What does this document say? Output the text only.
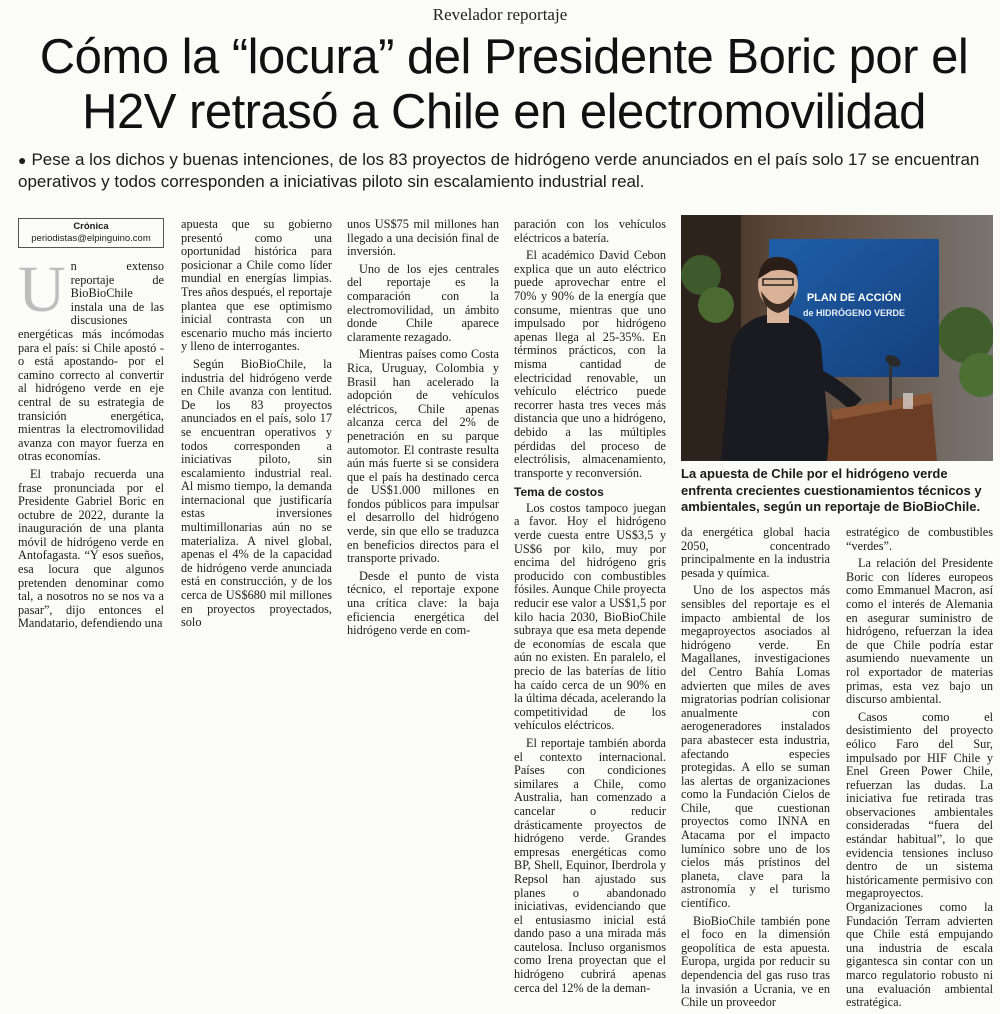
Revelador reportaje
Cómo la “locura” del Presidente Boric por el H2V retrasó a Chile en electromovilidad
● Pese a los dichos y buenas intenciones, de los 83 proyectos de hidrógeno verde anunciados en el país solo 17 se encuentran operativos y todos corresponden a iniciativas piloto sin escalamiento industrial real.
Crónica
periodistas@elpinguino.com

Un extenso reportaje de BioBioChile instala una de las discusiones energéticas más incómodas para el país: si Chile apostó -o está apostando- por el camino correcto al convertir al hidrógeno verde en eje central de su estrategia de transición energética, mientras la electromovilidad avanza con mayor fuerza en otras economías.

El trabajo recuerda una frase pronunciada por el Presidente Gabriel Boric en octubre de 2022, durante la inauguración de una planta móvil de hidrógeno verde en Antofagasta. “Y esos sueños, esa locura que algunos pretenden denominar como tal, a nosotros no se nos va a pasar”, dijo entonces el Mandatario, defendiendo una

apuesta que su gobierno presentó como una oportunidad histórica para posicionar a Chile como líder mundial en energías limpias. Tres años después, el reportaje plantea que ese optimismo inicial contrasta con un escenario mucho más incierto y lleno de interrogantes.

Según BioBioChile, la industria del hidrógeno verde en Chile avanza con lentitud. De los 83 proyectos anunciados en el país, solo 17 se encuentran operativos y todos corresponden a iniciativas piloto, sin escalamiento industrial real. Al mismo tiempo, la demanda internacional que justificaría estas inversiones multimillonarias aún no se materializa. A nivel global, apenas el 4% de la capacidad de hidrógeno verde anunciada está en construcción, y de los cerca de US$680 mil millones en proyectos proyectados, solo

unos US$75 mil millones han llegado a una decisión final de inversión.

Uno de los ejes centrales del reportaje es la comparación con la electromovilidad, un ámbito donde Chile aparece claramente rezagado.

Mientras países como Costa Rica, Uruguay, Colombia y Brasil han acelerado la adopción de vehículos eléctricos, Chile apenas alcanza cerca del 2% de penetración en su parque automotor. El contraste resulta aún más fuerte si se considera que el país ha destinado cerca de US$1.000 millones en fondos públicos para impulsar el desarrollo del hidrógeno verde, sin que ello se traduzca en beneficios directos para el transporte privado.

Desde el punto de vista técnico, el reportaje expone una crítica clave: la baja eficiencia energética del hidrógeno verde en com-

paración con los vehículos eléctricos a batería.

El académico David Cebon explica que un auto eléctrico puede aprovechar entre el 70% y 90% de la energía que consume, mientras que uno impulsado por hidrógeno apenas llega al 25-35%. En términos prácticos, con la misma cantidad de electricidad renovable, un vehículo eléctrico puede recorrer hasta tres veces más distancia que uno a hidrógeno, debido a las múltiples pérdidas del proceso de electrólisis, almacenamiento, transporte y reconversión.

Tema de costos

Los costos tampoco juegan a favor. Hoy el hidrógeno verde cuesta entre US$3,5 y US$6 por kilo, muy por encima del hidrógeno gris producido con combustibles fósiles. Aunque Chile proyecta reducir ese valor a US$1,5 por kilo hacia 2030, BioBioChile subraya que esa meta depende de economías de escala que aún no existen. En paralelo, el precio de las baterías de litio ha caído cerca de un 90% en la última década, acelerando la competitividad de los vehículos eléctricos.

El reportaje también aborda el contexto internacional. Países con condiciones similares a Chile, como Australia, han comenzado a cancelar o reducir drásticamente proyectos de hidrógeno verde. Grandes empresas energéticas como BP, Shell, Equinor, Iberdrola y Repsol han ajustado sus planes o abandonado iniciativas, evidenciando que el entusiasmo inicial está dando paso a una mirada más cautelosa. Incluso organismos como Irena proyectan que el hidrógeno cubrirá apenas cerca del 12% de la deman-

PLAN DE ACCIÓN
de HIDRÓGENO VERDE
La apuesta de Chile por el hidrógeno verde enfrenta crecientes cuestionamientos técnicos y ambientales, según un reportaje de BioBioChile.

da energética global hacia 2050, concentrado principalmente en la industria pesada y química.

Uno de los aspectos más sensibles del reportaje es el impacto ambiental de los megaproyectos asociados al hidrógeno verde. En Magallanes, investigaciones del Centro Bahía Lomas advierten que miles de aves migratorias podrían colisionar anualmente con aerogeneradores instalados para abastecer esta industria, afectando especies protegidas. A ello se suman las alertas de organizaciones como la Fundación Cielos de Chile, que cuestionan proyectos como INNA en Atacama por el impacto lumínico sobre uno de los cielos más prístinos del planeta, clave para la astronomía y el turismo científico.

BioBioChile también pone el foco en la dimensión geopolítica de esta apuesta. Europa, urgida por reducir su dependencia del gas ruso tras la invasión a Ucrania, ve en Chile un proveedor

estratégico de combustibles “verdes”.

La relación del Presidente Boric con líderes europeos como Emmanuel Macron, así como el interés de Alemania en asegurar suministro de hidrógeno, refuerzan la idea de que Chile podría estar asumiendo nuevamente un rol exportador de materias primas, esta vez bajo un discurso ambiental.

Casos como el desistimiento del proyecto eólico Faro del Sur, impulsado por HIF Chile y Enel Green Power Chile, refuerzan las dudas. La iniciativa fue retirada tras observaciones ambientales consideradas “fuera del estándar habitual”, lo que evidencia tensiones incluso dentro de un sistema históricamente permisivo con megaproyectos. Organizaciones como la Fundación Terram advierten que Chile está empujando una industria de escala gigantesca sin contar con un marco regulatorio robusto ni una evaluación ambiental estratégica.
